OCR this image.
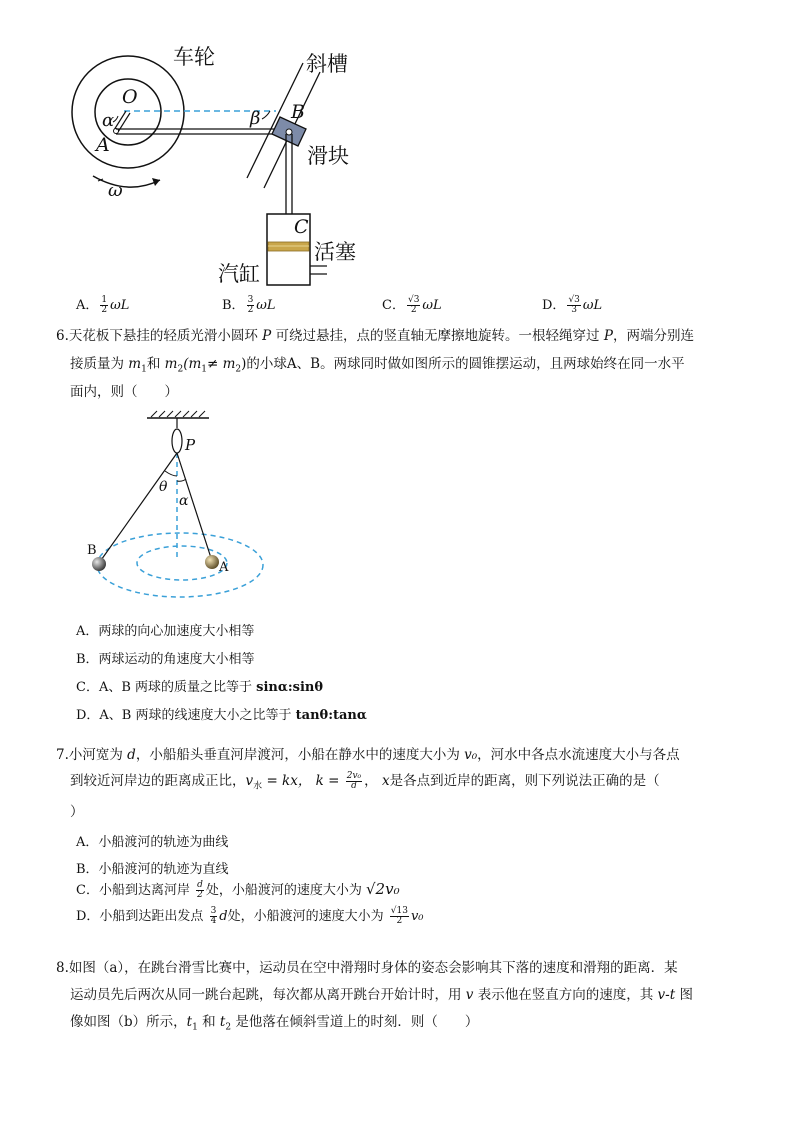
车轮	斜槽
滑块
活塞
汽缸
O
A
B
C
α	β
ω
A． $\frac{1}{2}$ ωL	B． $\frac{3}{2}$ ωL	C． $\frac{√3}{2}$ ωL	D． $\frac{√3}{3}$ ωL
6.天花板下悬挂的轻质光滑小圆环 P 可绕过悬挂，点的竖直轴无摩擦地旋转。一根轻绳穿过 P，两端分别连
接质量为 $m_1$和 $m_2(m_1\ne m_2)$的小球A、B。两球同时做如图所示的圆锥摆运动，且两球始终在同一水平
面内，则（　　）
P
θ
α
B
A
A．两球的向心加速度大小相等
B．两球运动的角速度大小相等
C．A、B 两球的质量之比等于 sinα:sinθ
D．A、B 两球的线速度大小之比等于 tanθ:tanα
7.小河宽为 d，小船船头垂直河岸渡河，小船在静水中的速度大小为 v₀，河水中各点水流速度大小与各点
到较近河岸边的距离成正比，$v_水$ = kx， $k = \frac{\text{2v₀}}{d}$ ， x是各点到近岸的距离，则下列说法正确的是（
）
A．小船渡河的轨迹为曲线
B．小船渡河的轨迹为直线
C．小船到达离河岸 $\frac{d}{2}$ 处，小船渡河的速度大小为 √2v₀
D．小船到达距出发点 $\frac{3}{4}$ d处，小船渡河的速度大小为 $\frac{√13}{2} v_0$
8.如图（a），在跳台滑雪比赛中，运动员在空中滑翔时身体的姿态会影响其下落的速度和滑翔的距离．某
运动员先后两次从同一跳台起跳，每次都从离开跳台开始计时，用 v 表示他在竖直方向的速度，其 v-t 图
像如图（b）所示，$t_1$ 和 $t_2$ 是他落在倾斜雪道上的时刻．则（　　）
